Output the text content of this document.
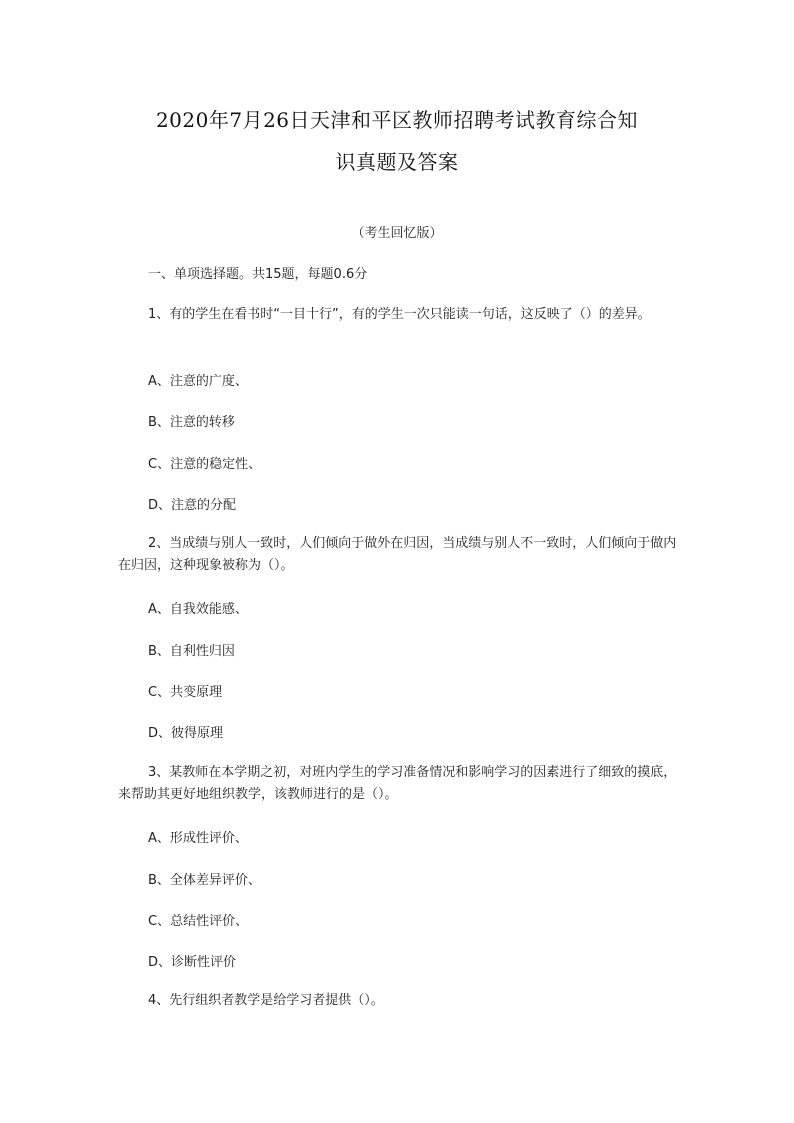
2020年7月26日天津和平区教师招聘考试教育综合知
识真题及答案
（考生回忆版）
一、单项选择题。共15题，每题0.6分
1、有的学生在看书时“一目十行”，有的学生一次只能读一句话，这反映了（）的差异。
A、注意的广度、
B、注意的转移
C、注意的稳定性、
D、注意的分配
2、当成绩与别人一致时，人们倾向于做外在归因，当成绩与别人不一致时，人们倾向于做内在归因，这种现象被称为（）。
A、自我效能感、
B、自利性归因
C、共变原理
D、彼得原理
3、某教师在本学期之初，对班内学生的学习准备情况和影响学习的因素进行了细致的摸底，来帮助其更好地组织教学，该教师进行的是（）。
A、形成性评价、
B、全体差异评价、
C、总结性评价、
D、诊断性评价
4、先行组织者教学是给学习者提供（）。
